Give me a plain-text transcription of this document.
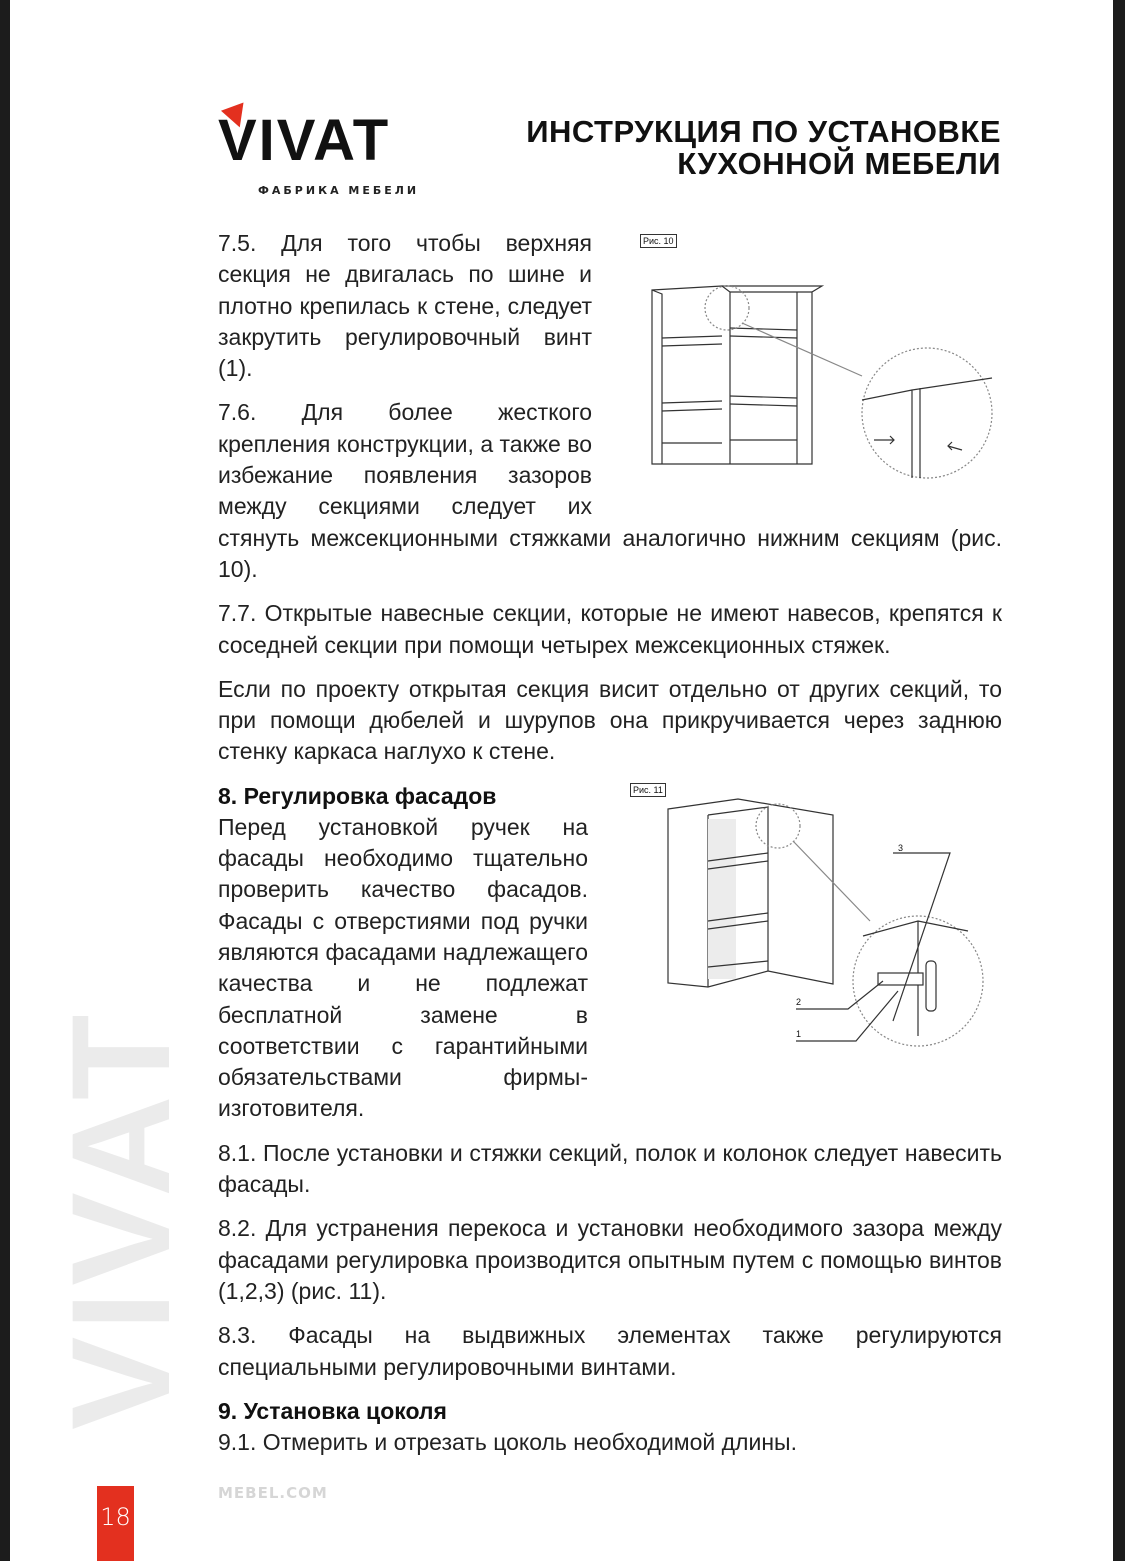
VIVAT
VIVAT
ФАБРИКА МЕБЕЛИ
ИНСТРУКЦИЯ ПО УСТАНОВКЕ
КУХОННОЙ МЕБЕЛИ
Рис. 10

7.5. Для того чтобы верхняя секция не двигалась по шине и плотно крепилась к стене, следует закрутить регулировочный винт (1).

7.6. Для более жесткого крепления конструкции, а также во избежание появления зазоров между секциями следует их стянуть межсекционными стяжками аналогично нижним секциям (рис. 10).

7.7. Открытые навесные секции, которые не имеют навесов, крепятся к соседней секции при помощи четырех межсекционных стяжек.

Если по проекту открытая секция висит отдельно от других секций, то при помощи дюбелей и шурупов она прикручивается через заднюю стенку каркаса наглухо к стене.

Рис. 11
3
2
1
8. Регулировка фасадов

Перед установкой ручек на фасады необходимо тщательно проверить качество фасадов. Фасады с отверстиями под ручки являются фасадами надлежащего качества и не подлежат бесплатной замене в соответствии с гарантийными обязательствами фирмы-изготовителя.

8.1. После установки и стяжки секций, полок и колонок следует навесить фасады.

8.2. Для устранения перекоса и установки необходимого зазора между фасадами регулировка производится опытным путем с помощью винтов (1,2,3) (рис. 11).

8.3. Фасады на выдвижных элементах также регулируются специальными регулировочными винтами.

9. Установка цоколя

9.1. Отмерить и отрезать цоколь необходимой длины.

MEBEL.COM
18
